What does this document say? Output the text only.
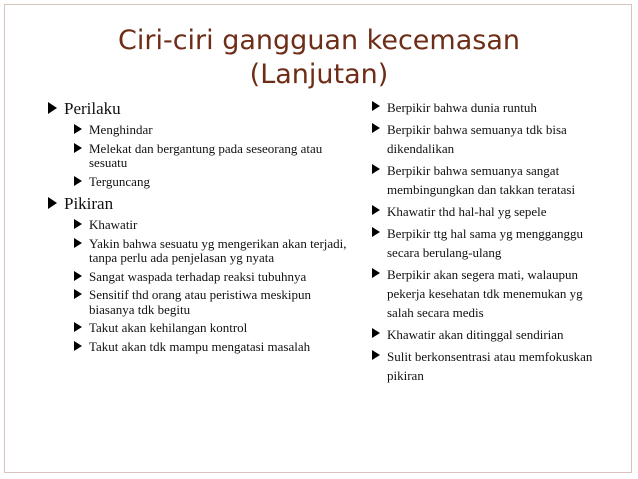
Ciri-ciri gangguan kecemasan
(Lanjutan)
Perilaku
Menghindar
Melekat dan bergantung pada seseorang atau sesuatu
Terguncang
Pikiran
Khawatir
Yakin bahwa sesuatu yg mengerikan akan terjadi, tanpa perlu ada penjelasan yg nyata
Sangat waspada terhadap reaksi tubuhnya
Sensitif thd orang atau peristiwa meskipun biasanya tdk begitu
Takut akan kehilangan kontrol
Takut akan tdk mampu mengatasi masalah
Berpikir bahwa dunia runtuh
Berpikir bahwa semuanya tdk bisa dikendalikan
Berpikir bahwa semuanya sangat membingungkan dan takkan teratasi
Khawatir thd hal-hal yg sepele
Berpikir ttg hal sama yg mengganggu secara berulang-ulang
Berpikir akan segera mati, walaupun pekerja kesehatan tdk menemukan yg salah secara medis
Khawatir akan ditinggal sendirian
Sulit berkonsentrasi atau memfokuskan pikiran
